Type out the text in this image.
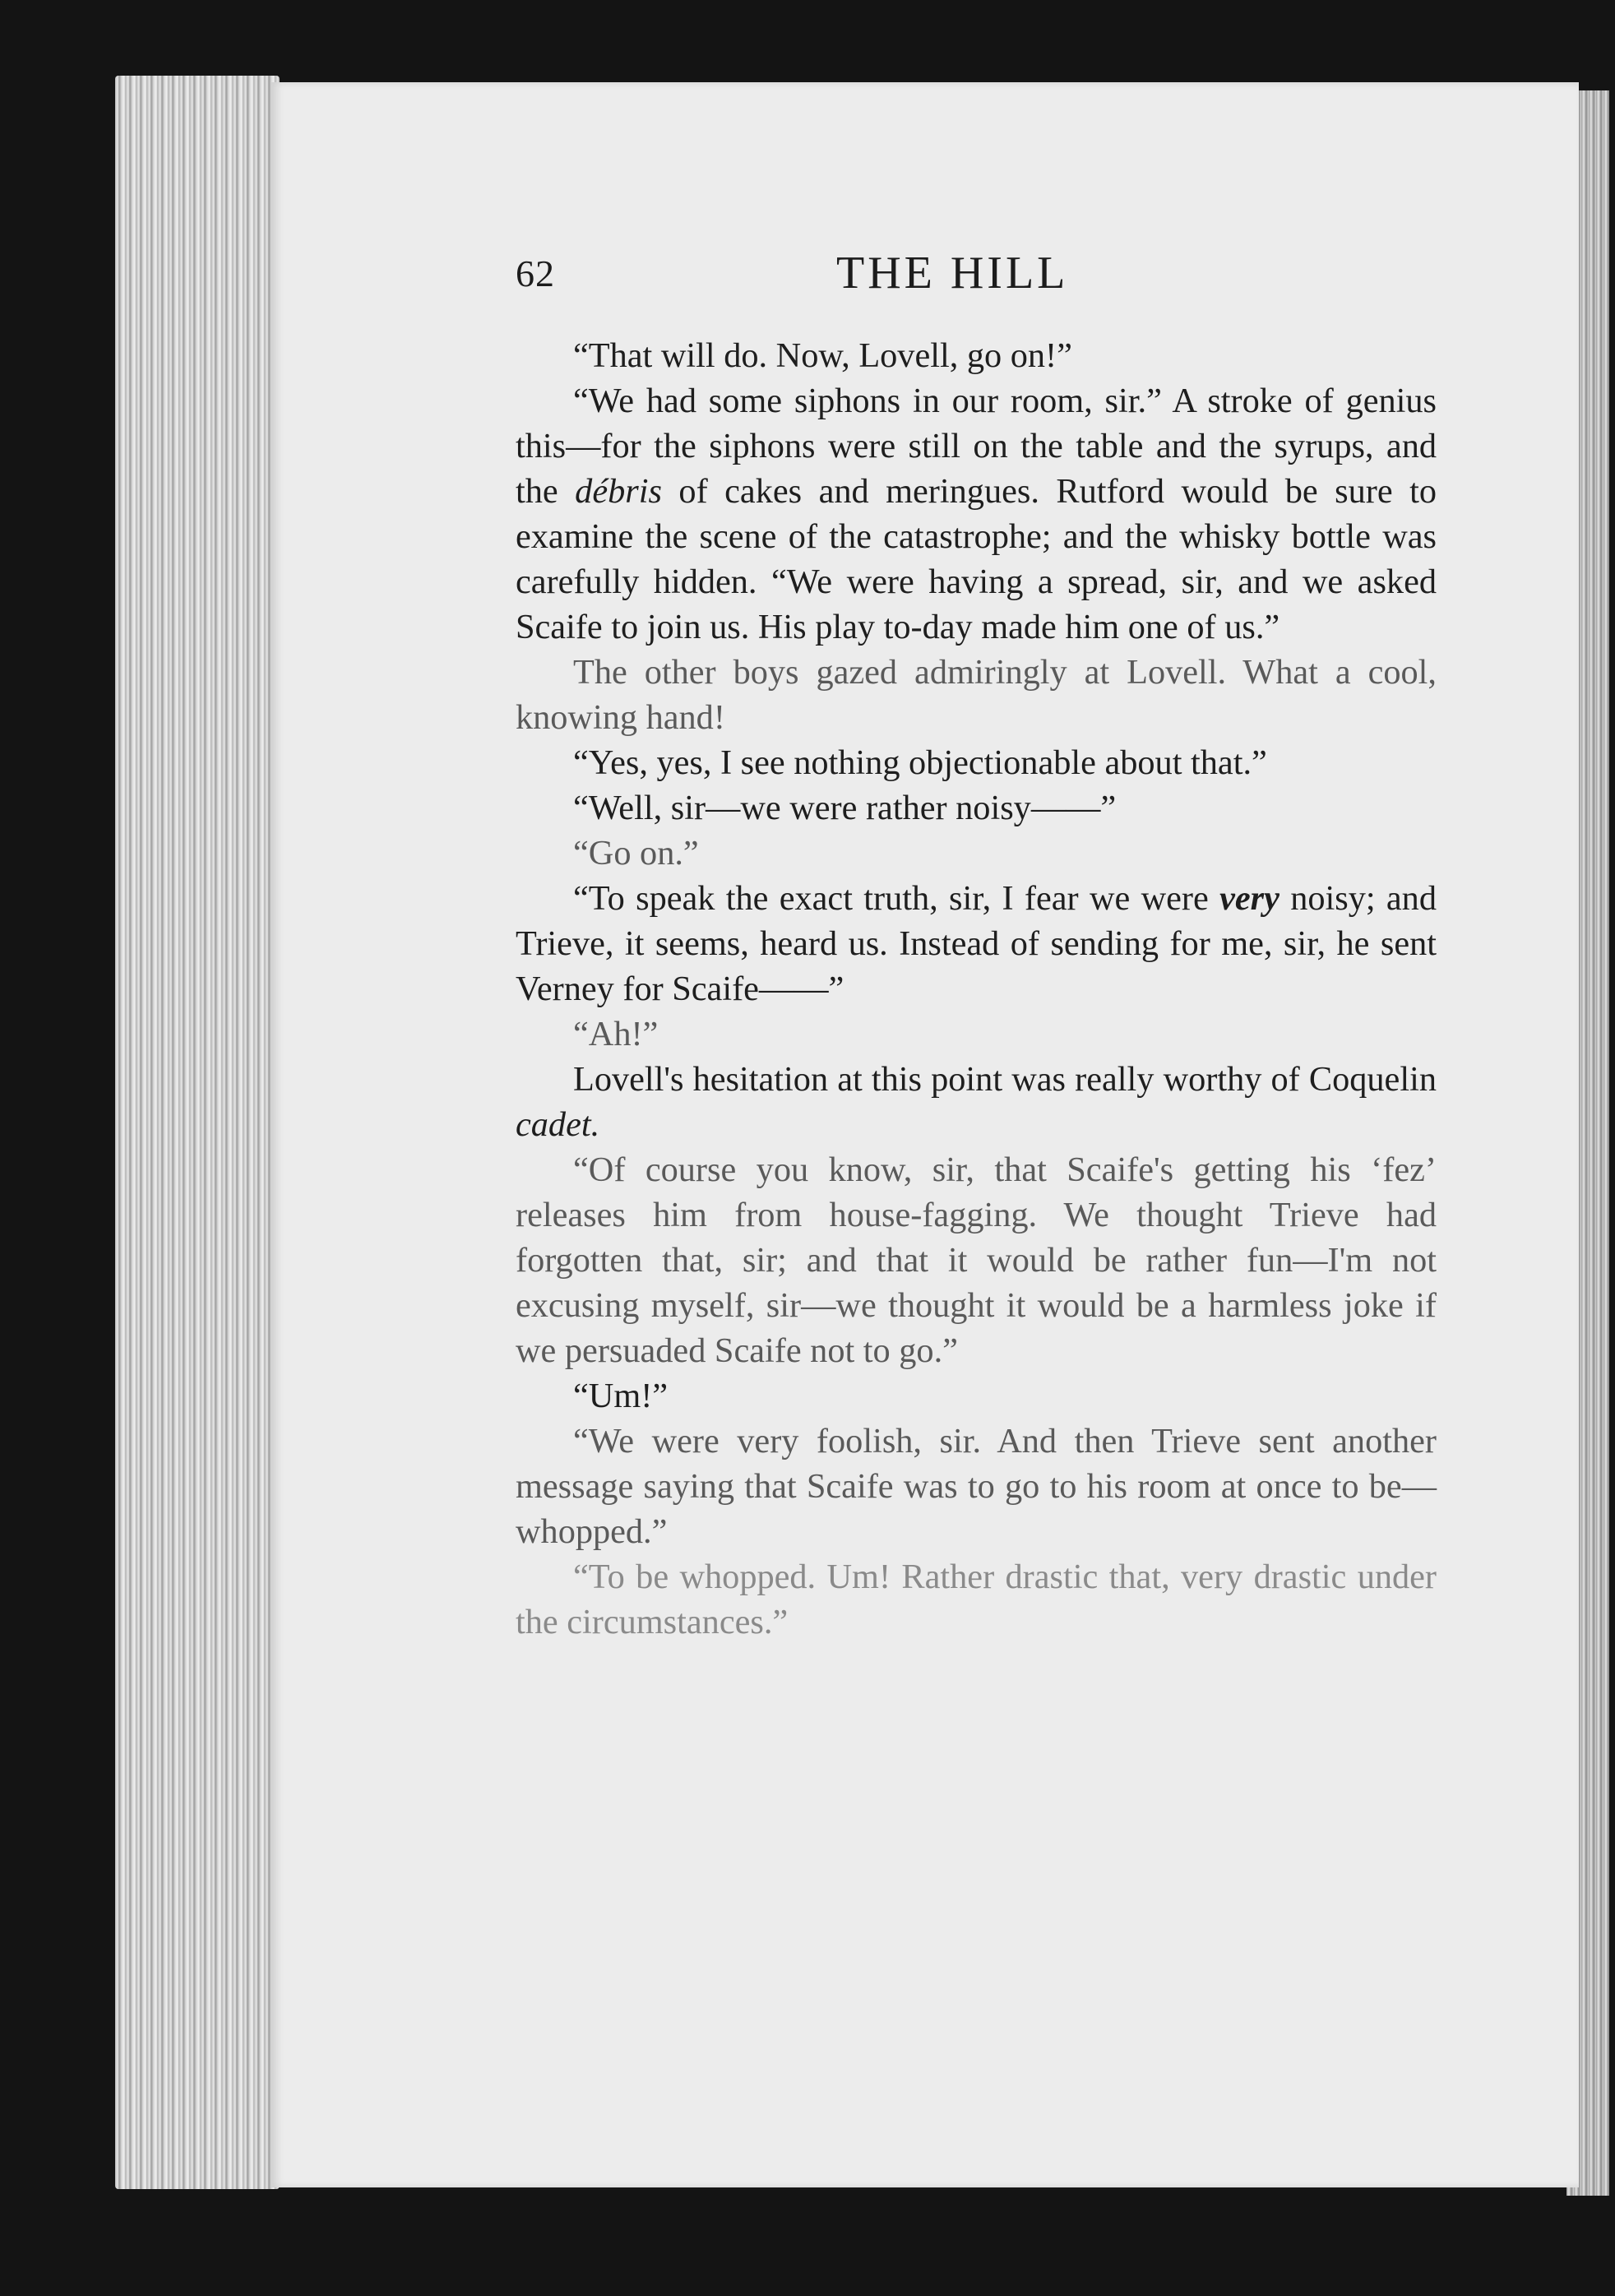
62	THE HILL

“That will do. Now, Lovell, go on!”

“We had some siphons in our room, sir.” A stroke of genius this—for the siphons were still on the table and the syrups, and the débris of cakes and meringues. Rutford would be sure to examine the scene of the catastrophe; and the whisky bottle was carefully hidden. “We were having a spread, sir, and we asked Scaife to join us. His play to-day made him one of us.”

The other boys gazed admiringly at Lovell. What a cool, knowing hand!

“Yes, yes, I see nothing objectionable about that.”

“Well, sir—we were rather noisy——”

“Go on.”

“To speak the exact truth, sir, I fear we were very noisy; and Trieve, it seems, heard us. Instead of sending for me, sir, he sent Verney for Scaife——”

“Ah!”

Lovell's hesitation at this point was really worthy of Coquelin cadet.

“Of course you know, sir, that Scaife's getting his ‘fez’ releases him from house-fagging. We thought Trieve had forgotten that, sir; and that it would be rather fun—I'm not excusing myself, sir—we thought it would be a harmless joke if we persuaded Scaife not to go.”

“Um!”

“We were very foolish, sir. And then Trieve sent another message saying that Scaife was to go to his room at once to be—whopped.”

“To be whopped. Um! Rather drastic that, very drastic under the circumstances.”
